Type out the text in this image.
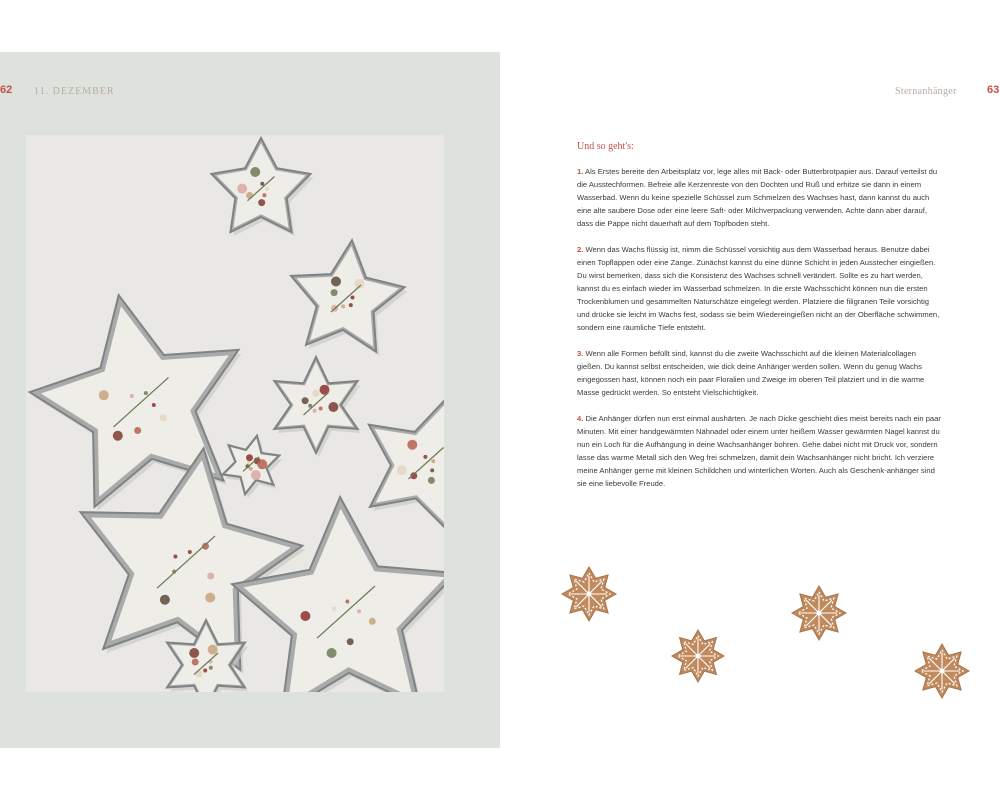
62 11. DEZEMBER	Sternanhänger	63
Und so geht's:
1. Als Erstes bereite den Arbeitsplatz vor, lege alles mit Back- oder Butterbrotpapier aus. Darauf verteilst du die Ausstechformen. Befreie alle Kerzenreste von den Dochten und Ruß und erhitze sie dann in einem Wasserbad. Wenn du keine spezielle Schüssel zum Schmelzen des Wachses hast, dann kannst du auch eine alte saubere Dose oder eine leere Saft- oder Milchverpackung verwenden. Achte dann aber darauf, dass die Pappe nicht dauerhaft auf dem Topfboden steht.
2. Wenn das Wachs flüssig ist, nimm die Schüssel vorsichtig aus dem Wasserbad heraus. Benutze dabei einen Topflappen oder eine Zange. Zunächst kannst du eine dünne Schicht in jeden Ausstecher eingießen. Du wirst bemerken, dass sich die Konsistenz des Wachses schnell verändert. Sollte es zu hart werden, kannst du es einfach wieder im Wasserbad schmelzen. In die erste Wachsschicht können nun die ersten Trockenblumen und gesammelten Naturschätze eingelegt werden. Platziere die filigranen Teile vorsichtig und drücke sie leicht im Wachs fest, sodass sie beim Wiedereingießen nicht an der Oberfläche schwimmen, sondern eine räumliche Tiefe entsteht.
3. Wenn alle Formen befüllt sind, kannst du die zweite Wachsschicht auf die kleinen Materialcollagen gießen. Du kannst selbst entscheiden, wie dick deine Anhänger werden sollen. Wenn du genug Wachs eingegossen hast, können noch ein paar Floralien und Zweige im oberen Teil platziert und in die warme Masse gedrückt werden. So entsteht Vielschichtigkeit.
4. Die Anhänger dürfen nun erst einmal aushärten. Je nach Dicke geschieht dies meist bereits nach ein paar Minuten. Mit einer handgewärmten Nähnadel oder einem unter heißem Wasser gewärmten Nagel kannst du nun ein Loch für die Aufhängung in deine Wachsanhänger bohren. Gehe dabei nicht mit Druck vor, sondern lasse das warme Metall sich den Weg frei schmelzen, damit dein Wachsanhänger nicht bricht. Ich verziere meine Anhänger gerne mit kleinen Schildchen und winterlichen Worten. Auch als Geschenk-anhänger sind sie eine liebevolle Freude.
